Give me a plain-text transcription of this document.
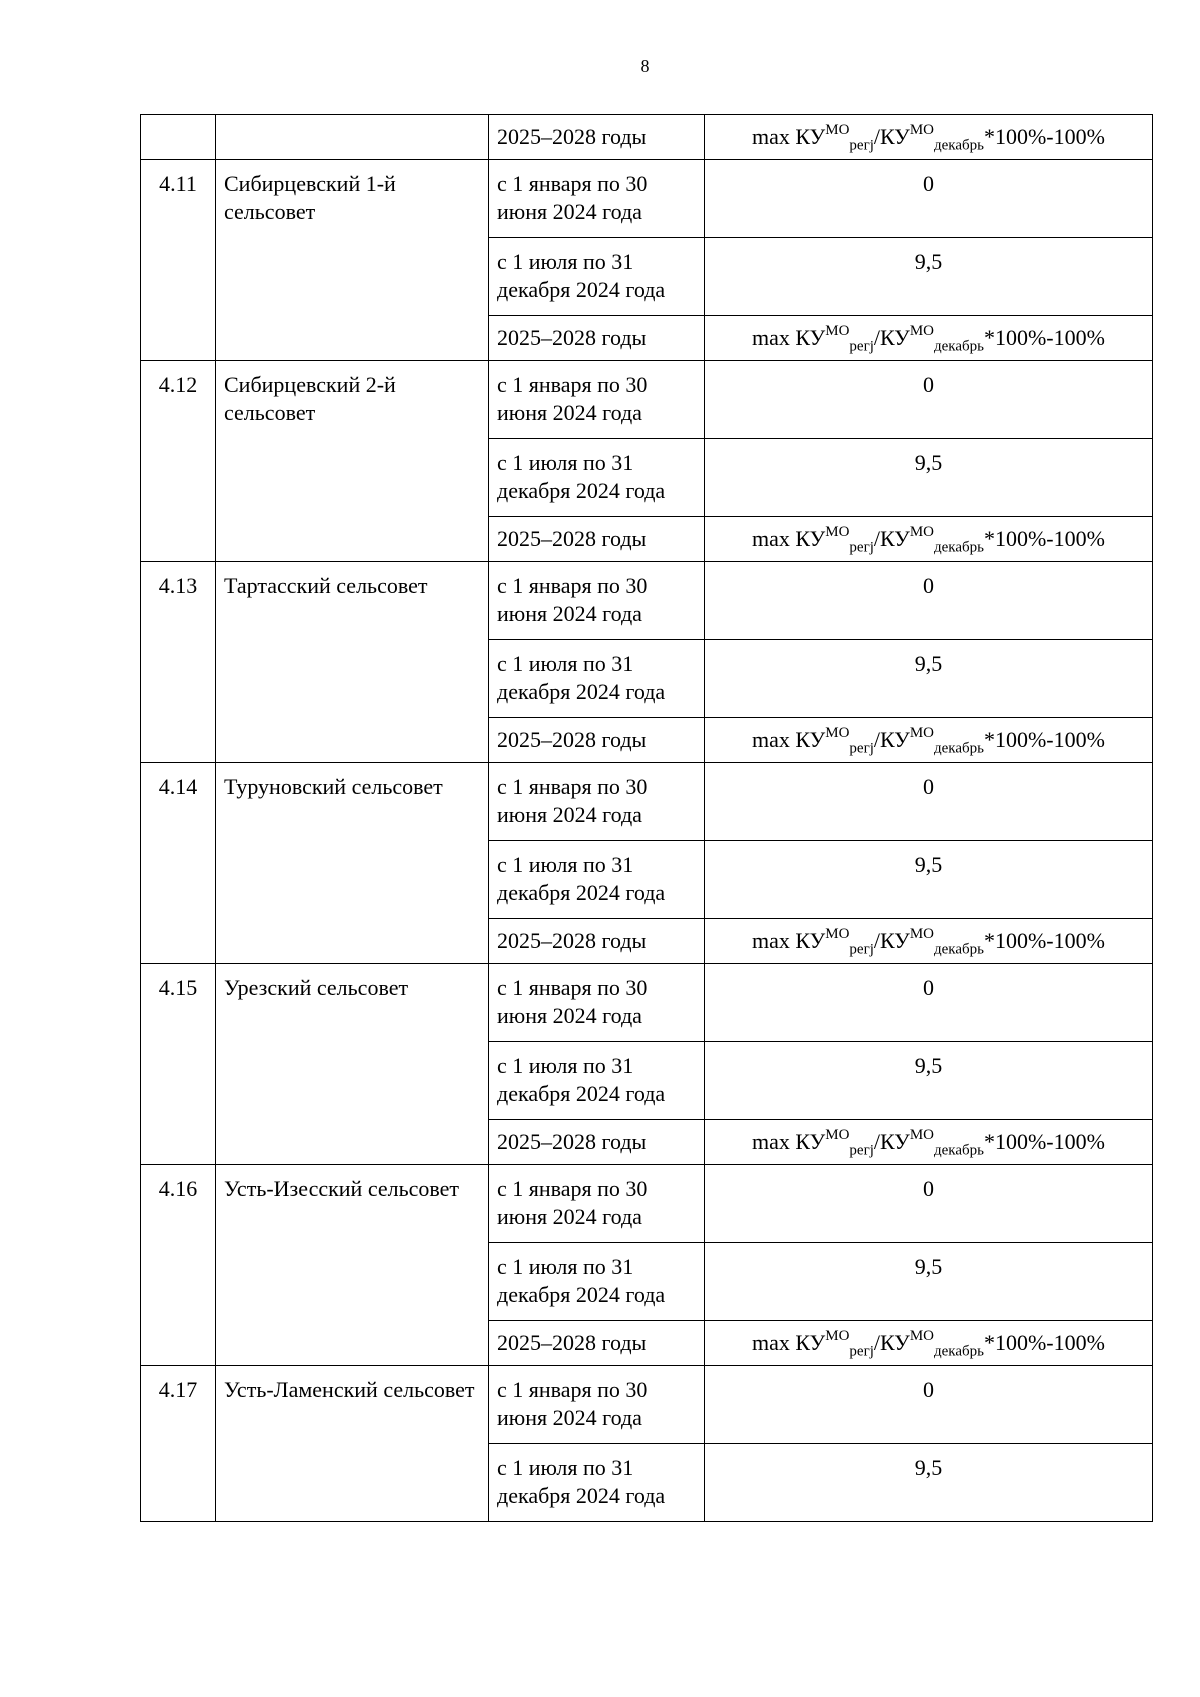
8
		2025–2028 годы	$\max КУ^{МО}_{регj}/КУ^{МО}_{декабрь}*100\%-100\%$
4.11	Сибирцевский 1-й сельсовет	с 1 января по 30 июня 2024 года	0
		с 1 июля по 31 декабря 2024 года	9,5
		2025–2028 годы	$\max КУ^{МО}_{регj}/КУ^{МО}_{декабрь}*100\%-100\%$
4.12	Сибирцевский 2-й сельсовет	с 1 января по 30 июня 2024 года	0
		с 1 июля по 31 декабря 2024 года	9,5
		2025–2028 годы	$\max КУ^{МО}_{регj}/КУ^{МО}_{декабрь}*100\%-100\%$
4.13	Тартасский сельсовет	с 1 января по 30 июня 2024 года	0
		с 1 июля по 31 декабря 2024 года	9,5
		2025–2028 годы	$\max КУ^{МО}_{регj}/КУ^{МО}_{декабрь}*100\%-100\%$
4.14	Туруновский сельсовет	с 1 января по 30 июня 2024 года	0
		с 1 июля по 31 декабря 2024 года	9,5
		2025–2028 годы	$\max КУ^{МО}_{регj}/КУ^{МО}_{декабрь}*100\%-100\%$
4.15	Урезский сельсовет	с 1 января по 30 июня 2024 года	0
		с 1 июля по 31 декабря 2024 года	9,5
		2025–2028 годы	$\max КУ^{МО}_{регj}/КУ^{МО}_{декабрь}*100\%-100\%$
4.16	Усть-Изесский сельсовет	с 1 января по 30 июня 2024 года	0
		с 1 июля по 31 декабря 2024 года	9,5
		2025–2028 годы	$\max КУ^{МО}_{регj}/КУ^{МО}_{декабрь}*100\%-100\%$
4.17	Усть-Ламенский сельсовет	с 1 января по 30 июня 2024 года	0
		с 1 июля по 31 декабря 2024 года	9,5
